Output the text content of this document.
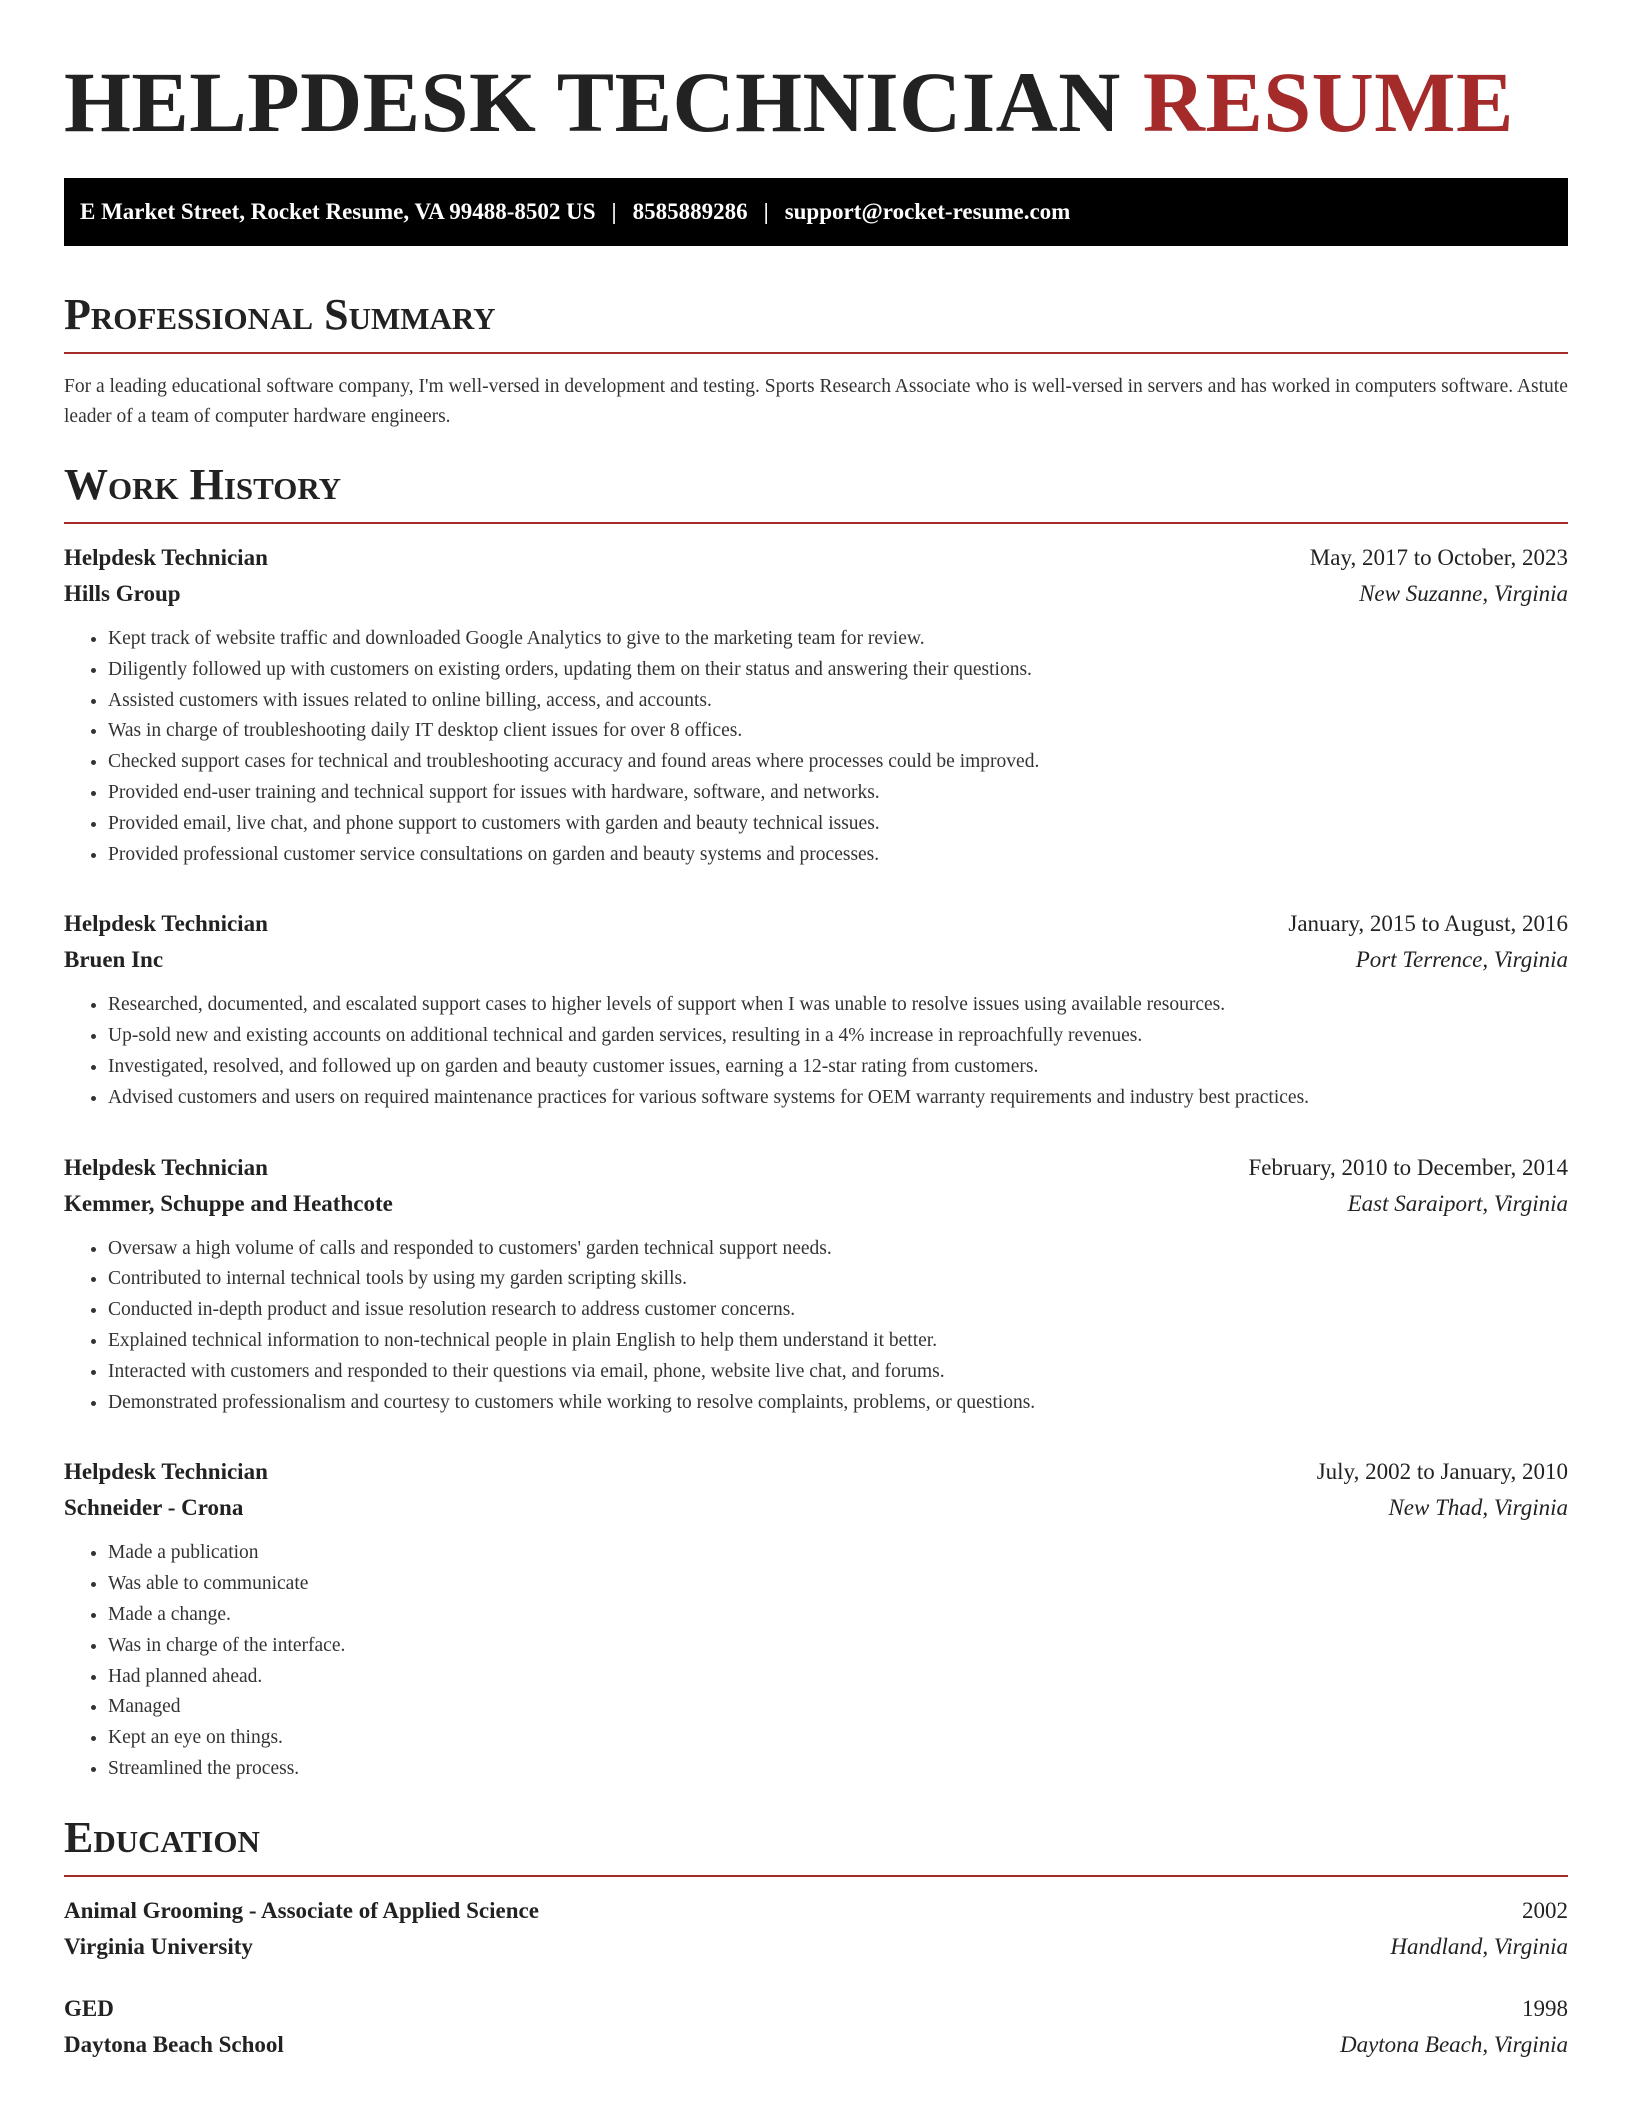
HELPDESK TECHNICIAN RESUME
E Market Street, Rocket Resume, VA 99488-8502 US | 8585889286 | support@rocket-resume.com
Professional Summary

For a leading educational software company, I'm well-versed in development and testing. Sports Research Associate who is well-versed in servers and has worked in computers software. Astute leader of a team of computer hardware engineers.

Work History
Helpdesk Technician	May, 2017 to October, 2023
Hills Group	New Suzanne, Virginia
• Kept track of website traffic and downloaded Google Analytics to give to the marketing team for review.
• Diligently followed up with customers on existing orders, updating them on their status and answering their questions.
• Assisted customers with issues related to online billing, access, and accounts.
• Was in charge of troubleshooting daily IT desktop client issues for over 8 offices.
• Checked support cases for technical and troubleshooting accuracy and found areas where processes could be improved.
• Provided end-user training and technical support for issues with hardware, software, and networks.
• Provided email, live chat, and phone support to customers with garden and beauty technical issues.
• Provided professional customer service consultations on garden and beauty systems and processes.
Helpdesk Technician	January, 2015 to August, 2016
Bruen Inc	Port Terrence, Virginia
• Researched, documented, and escalated support cases to higher levels of support when I was unable to resolve issues using available resources.
• Up-sold new and existing accounts on additional technical and garden services, resulting in a 4% increase in reproachfully revenues.
• Investigated, resolved, and followed up on garden and beauty customer issues, earning a 12-star rating from customers.
• Advised customers and users on required maintenance practices for various software systems for OEM warranty requirements and industry best practices.
Helpdesk Technician	February, 2010 to December, 2014
Kemmer, Schuppe and Heathcote	East Saraiport, Virginia
• Oversaw a high volume of calls and responded to customers' garden technical support needs.
• Contributed to internal technical tools by using my garden scripting skills.
• Conducted in-depth product and issue resolution research to address customer concerns.
• Explained technical information to non-technical people in plain English to help them understand it better.
• Interacted with customers and responded to their questions via email, phone, website live chat, and forums.
• Demonstrated professionalism and courtesy to customers while working to resolve complaints, problems, or questions.
Helpdesk Technician	July, 2002 to January, 2010
Schneider - Crona	New Thad, Virginia
• Made a publication
• Was able to communicate
• Made a change.
• Was in charge of the interface.
• Had planned ahead.
• Managed
• Kept an eye on things.
• Streamlined the process.
Education
Animal Grooming - Associate of Applied Science	2002
Virginia University	Handland, Virginia
GED	1998
Daytona Beach School	Daytona Beach, Virginia
